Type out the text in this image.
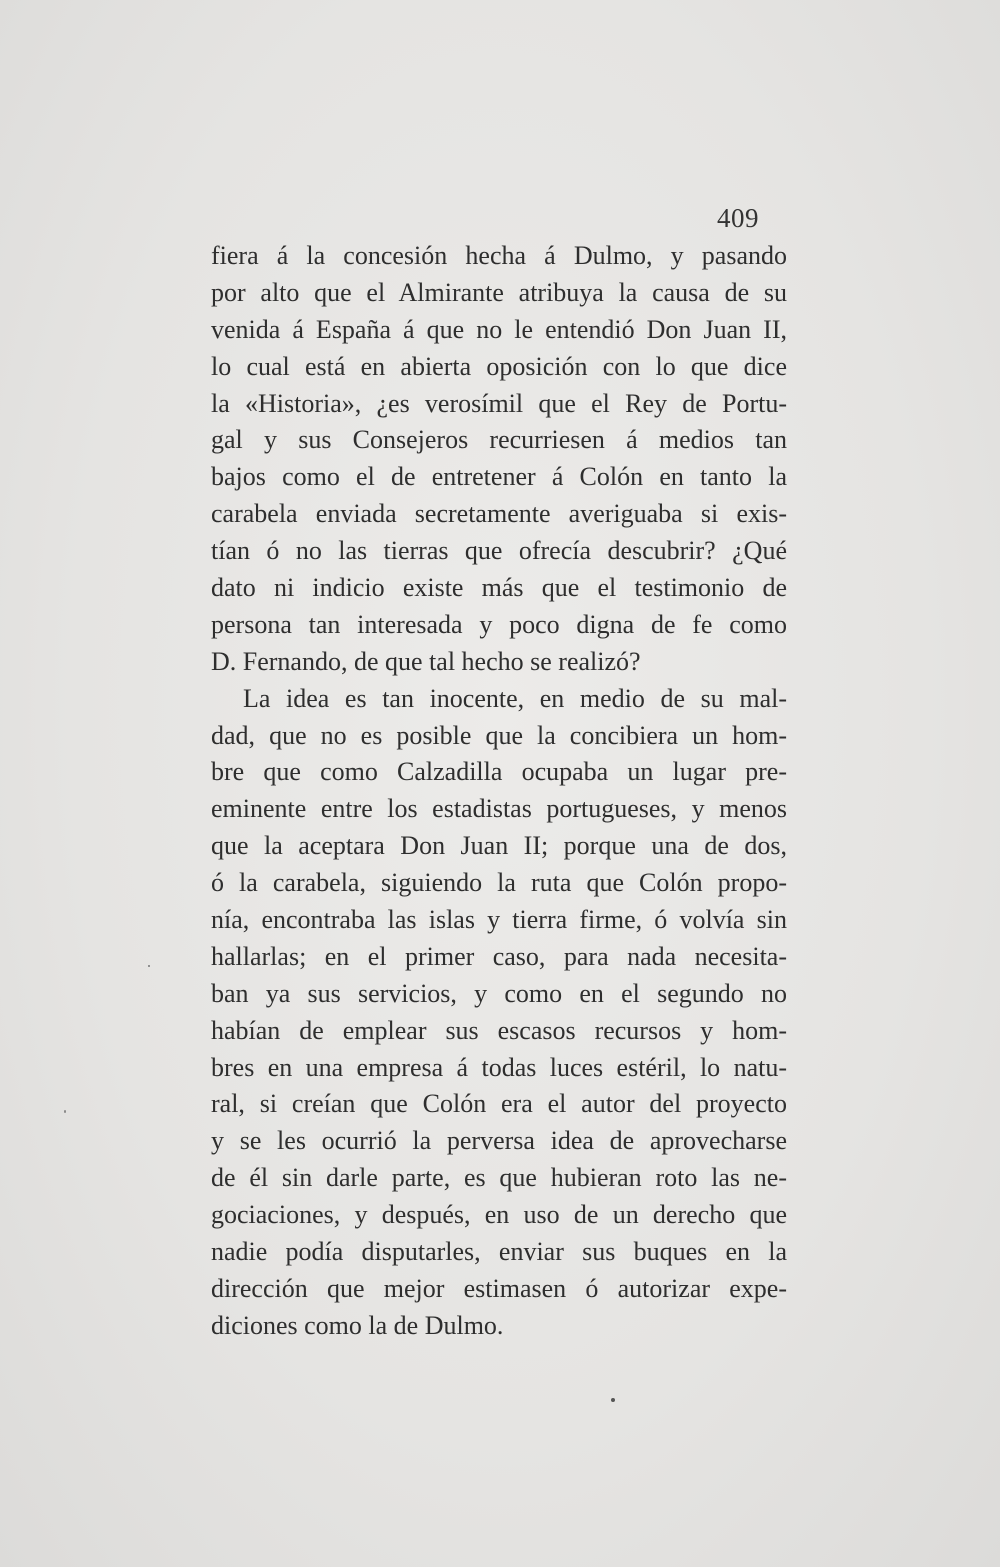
409
fiera á la concesión hecha á Dulmo, y pasando
por alto que el Almirante atribuya la causa de su
venida á España á que no le entendió Don Juan II,
lo cual está en abierta oposición con lo que dice
la «Historia», ¿es verosímil que el Rey de Portu-
gal y sus Consejeros recurriesen á medios tan
bajos como el de entretener á Colón en tanto la
carabela enviada secretamente averiguaba si exis-
tían ó no las tierras que ofrecía descubrir? ¿Qué
dato ni indicio existe más que el testimonio de
persona tan interesada y poco digna de fe como
D. Fernando, de que tal hecho se realizó?
La idea es tan inocente, en medio de su mal-
dad, que no es posible que la concibiera un hom-
bre que como Calzadilla ocupaba un lugar pre-
eminente entre los estadistas portugueses, y menos
que la aceptara Don Juan II; porque una de dos,
ó la carabela, siguiendo la ruta que Colón propo-
nía, encontraba las islas y tierra firme, ó volvía sin
hallarlas; en el primer caso, para nada necesita-
ban ya sus servicios, y como en el segundo no
habían de emplear sus escasos recursos y hom-
bres en una empresa á todas luces estéril, lo natu-
ral, si creían que Colón era el autor del proyecto
y se les ocurrió la perversa idea de aprovecharse
de él sin darle parte, es que hubieran roto las ne-
gociaciones, y después, en uso de un derecho que
nadie podía disputarles, enviar sus buques en la
dirección que mejor estimasen ó autorizar expe-
diciones como la de Dulmo.
